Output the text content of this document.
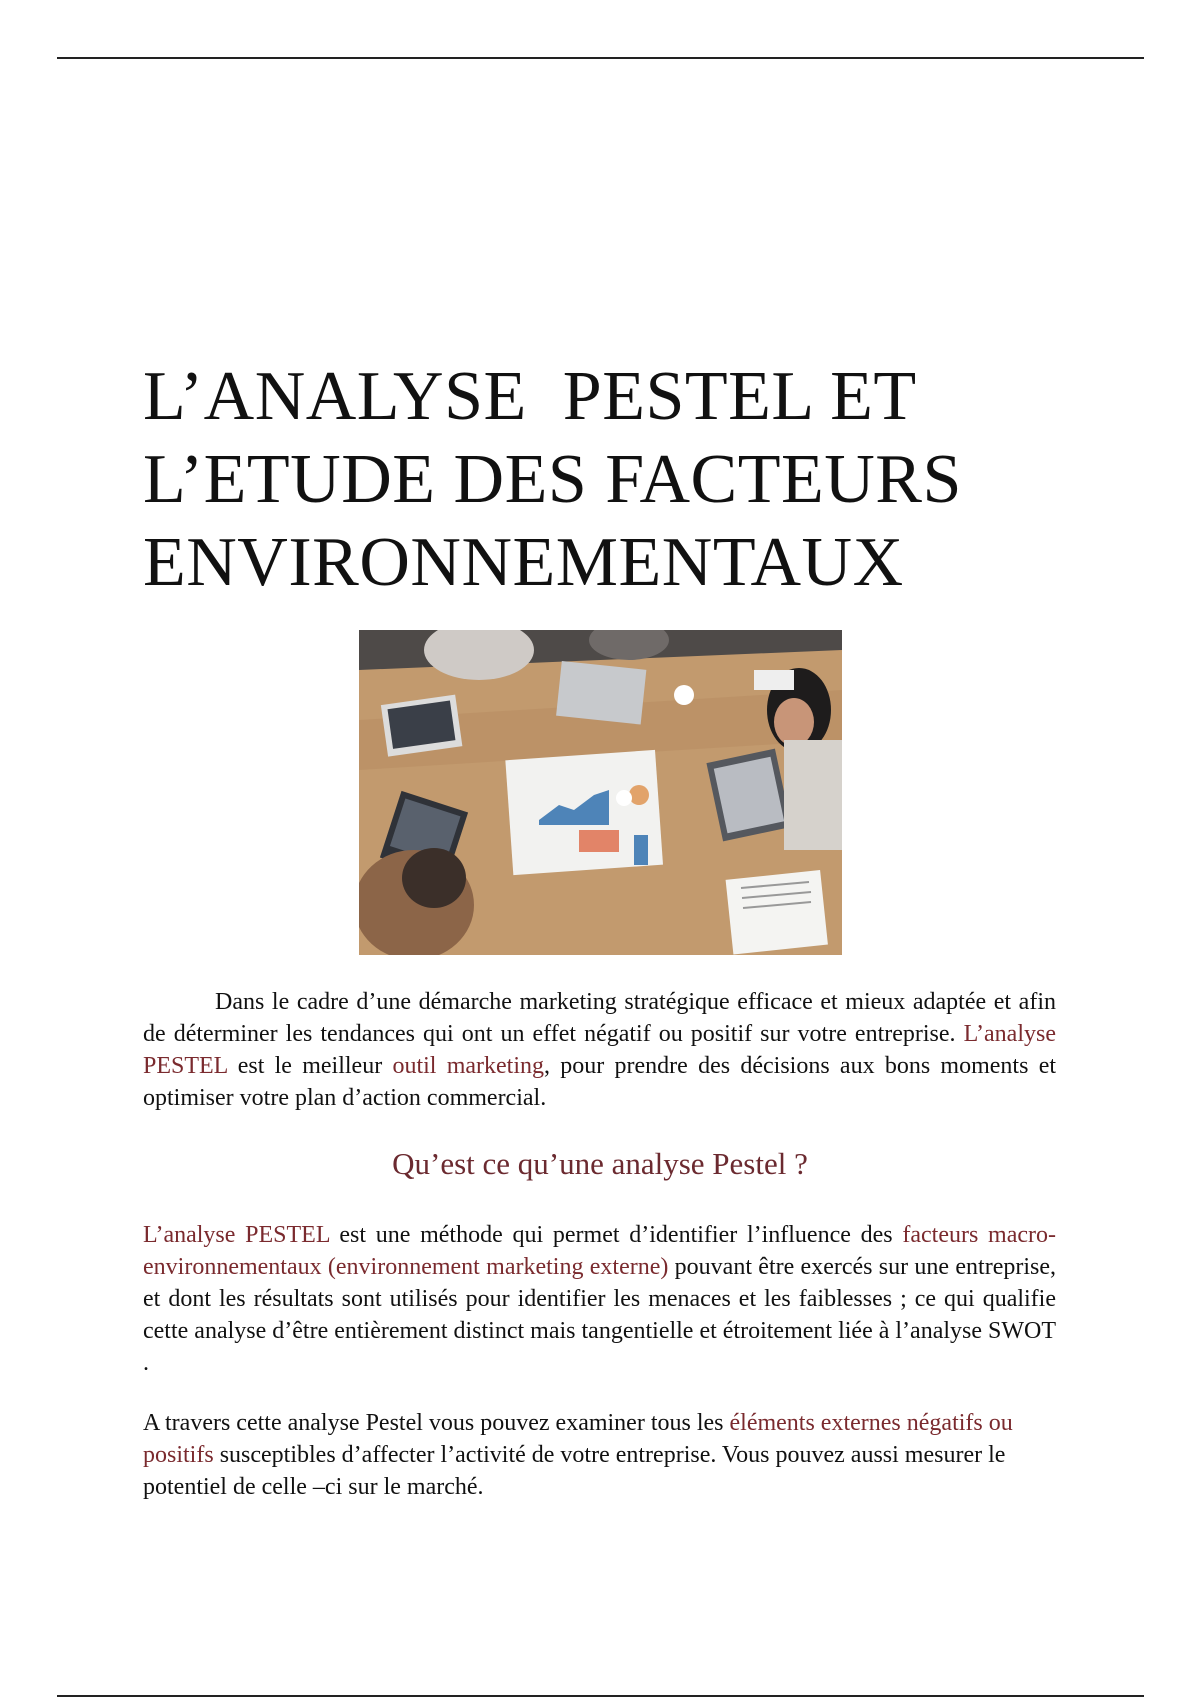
L’ANALYSE  PESTEL ET
L’ETUDE DES FACTEURS
ENVIRONNEMENTAUX

Dans le cadre d’une démarche marketing stratégique efficace et mieux adaptée et afin de déterminer les tendances qui ont un effet négatif ou positif sur votre entreprise. L’analyse PESTEL est le meilleur outil marketing, pour prendre des décisions aux bons moments et optimiser votre plan d’action commercial.

Qu’est ce qu’une analyse Pestel ?

L’analyse PESTEL est une méthode qui permet d’identifier l’influence des facteurs macro-environnementaux (environnement marketing externe) pouvant être exercés sur une entreprise, et dont les résultats sont utilisés pour identifier les menaces et les faiblesses ; ce qui qualifie cette analyse d’être entièrement distinct mais tangentielle et étroitement liée à l’analyse SWOT .

A travers cette analyse Pestel vous pouvez examiner tous les éléments externes négatifs ou positifs susceptibles d’affecter l’activité de votre entreprise. Vous pouvez aussi mesurer le potentiel de celle –ci sur le marché.
